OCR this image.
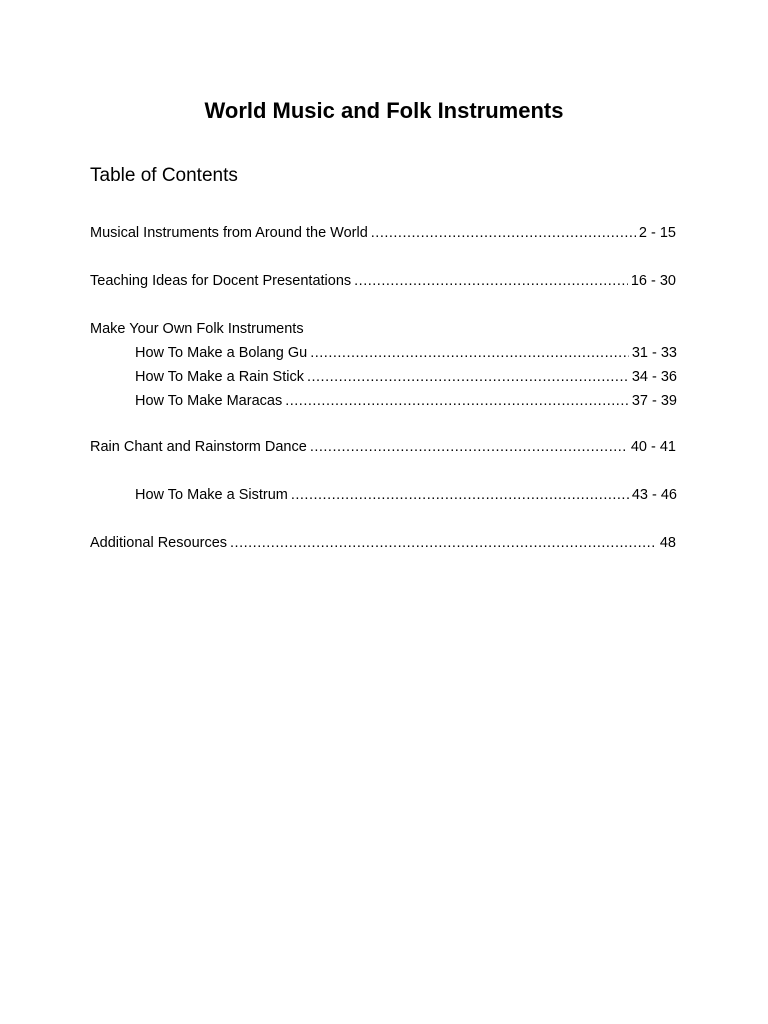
World Music and Folk Instruments
Table of Contents
Musical Instruments from Around the World .....	2 - 15
Teaching Ideas for Docent Presentations .....	16 - 30
Make Your Own Folk Instruments
How To Make a Bolang Gu .....	31 - 33
How To Make a Rain Stick .....	34 - 36
How To Make Maracas .....	37 - 39
Rain Chant and Rainstorm Dance .....	40 - 41
How To Make a Sistrum .....	43 - 46
Additional Resources .....	48
